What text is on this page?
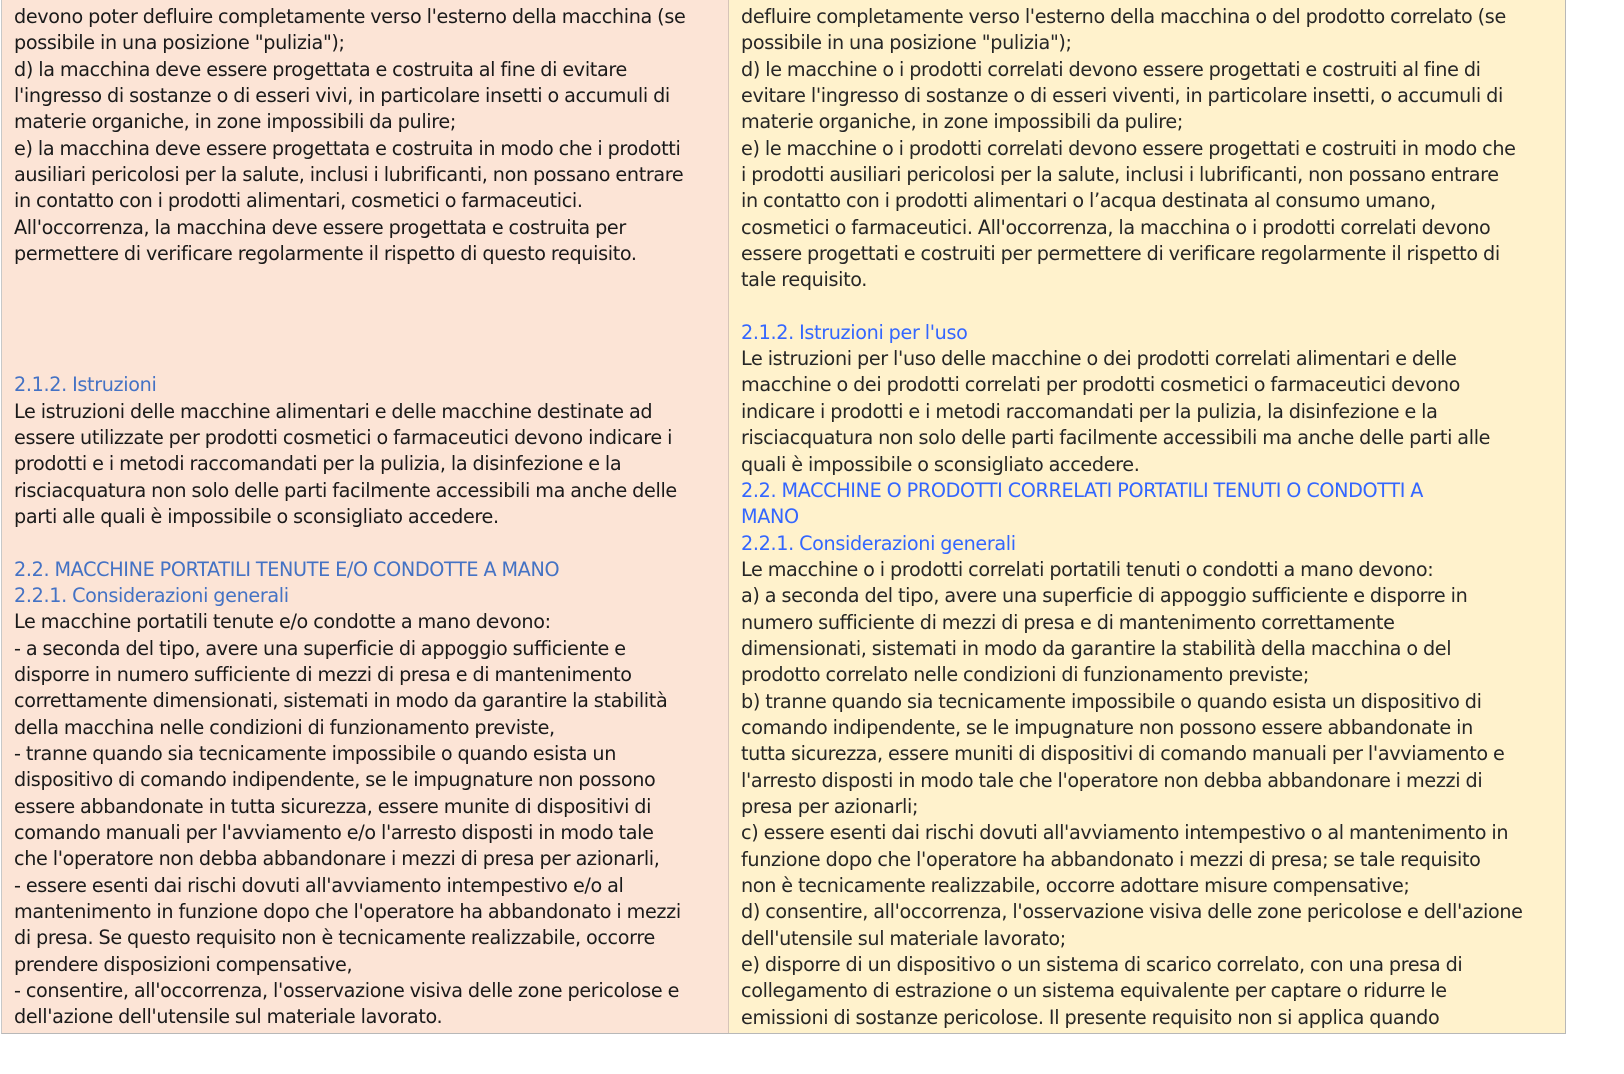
devono poter defluire completamente verso l'esterno della macchina (se
possibile in una posizione "pulizia");
d) la macchina deve essere progettata e costruita al fine di evitare
l'ingresso di sostanze o di esseri vivi, in particolare insetti o accumuli di
materie organiche, in zone impossibili da pulire;
e) la macchina deve essere progettata e costruita in modo che i prodotti
ausiliari pericolosi per la salute, inclusi i lubrificanti, non possano entrare
in contatto con i prodotti alimentari, cosmetici o farmaceutici.
All'occorrenza, la macchina deve essere progettata e costruita per
permettere di verificare regolarmente il rispetto di questo requisito.
2.1.2. Istruzioni
Le istruzioni delle macchine alimentari e delle macchine destinate ad
essere utilizzate per prodotti cosmetici o farmaceutici devono indicare i
prodotti e i metodi raccomandati per la pulizia, la disinfezione e la
risciacquatura non solo delle parti facilmente accessibili ma anche delle
parti alle quali è impossibile o sconsigliato accedere.
2.2. MACCHINE PORTATILI TENUTE E/O CONDOTTE A MANO
2.2.1. Considerazioni generali
Le macchine portatili tenute e/o condotte a mano devono:
- a seconda del tipo, avere una superficie di appoggio sufficiente e
disporre in numero sufficiente di mezzi di presa e di mantenimento
correttamente dimensionati, sistemati in modo da garantire la stabilità
della macchina nelle condizioni di funzionamento previste,
- tranne quando sia tecnicamente impossibile o quando esista un
dispositivo di comando indipendente, se le impugnature non possono
essere abbandonate in tutta sicurezza, essere munite di dispositivi di
comando manuali per l'avviamento e/o l'arresto disposti in modo tale
che l'operatore non debba abbandonare i mezzi di presa per azionarli,
- essere esenti dai rischi dovuti all'avviamento intempestivo e/o al
mantenimento in funzione dopo che l'operatore ha abbandonato i mezzi
di presa. Se questo requisito non è tecnicamente realizzabile, occorre
prendere disposizioni compensative,
- consentire, all'occorrenza, l'osservazione visiva delle zone pericolose e
dell'azione dell'utensile sul materiale lavorato.
defluire completamente verso l'esterno della macchina o del prodotto correlato (se
possibile in una posizione "pulizia");
d) le macchine o i prodotti correlati devono essere progettati e costruiti al fine di
evitare l'ingresso di sostanze o di esseri viventi, in particolare insetti, o accumuli di
materie organiche, in zone impossibili da pulire;
e) le macchine o i prodotti correlati devono essere progettati e costruiti in modo che
i prodotti ausiliari pericolosi per la salute, inclusi i lubrificanti, non possano entrare
in contatto con i prodotti alimentari o l’acqua destinata al consumo umano,
cosmetici o farmaceutici. All'occorrenza, la macchina o i prodotti correlati devono
essere progettati e costruiti per permettere di verificare regolarmente il rispetto di
tale requisito.
2.1.2. Istruzioni per l'uso
Le istruzioni per l'uso delle macchine o dei prodotti correlati alimentari e delle
macchine o dei prodotti correlati per prodotti cosmetici o farmaceutici devono
indicare i prodotti e i metodi raccomandati per la pulizia, la disinfezione e la
risciacquatura non solo delle parti facilmente accessibili ma anche delle parti alle
quali è impossibile o sconsigliato accedere.
2.2. MACCHINE O PRODOTTI CORRELATI PORTATILI TENUTI O CONDOTTI A
MANO
2.2.1. Considerazioni generali
Le macchine o i prodotti correlati portatili tenuti o condotti a mano devono:
a) a seconda del tipo, avere una superficie di appoggio sufficiente e disporre in
numero sufficiente di mezzi di presa e di mantenimento correttamente
dimensionati, sistemati in modo da garantire la stabilità della macchina o del
prodotto correlato nelle condizioni di funzionamento previste;
b) tranne quando sia tecnicamente impossibile o quando esista un dispositivo di
comando indipendente, se le impugnature non possono essere abbandonate in
tutta sicurezza, essere muniti di dispositivi di comando manuali per l'avviamento e
l'arresto disposti in modo tale che l'operatore non debba abbandonare i mezzi di
presa per azionarli;
c) essere esenti dai rischi dovuti all'avviamento intempestivo o al mantenimento in
funzione dopo che l'operatore ha abbandonato i mezzi di presa; se tale requisito
non è tecnicamente realizzabile, occorre adottare misure compensative;
d) consentire, all'occorrenza, l'osservazione visiva delle zone pericolose e dell'azione
dell'utensile sul materiale lavorato;
e) disporre di un dispositivo o un sistema di scarico correlato, con una presa di
collegamento di estrazione o un sistema equivalente per captare o ridurre le
emissioni di sostanze pericolose. Il presente requisito non si applica quando
